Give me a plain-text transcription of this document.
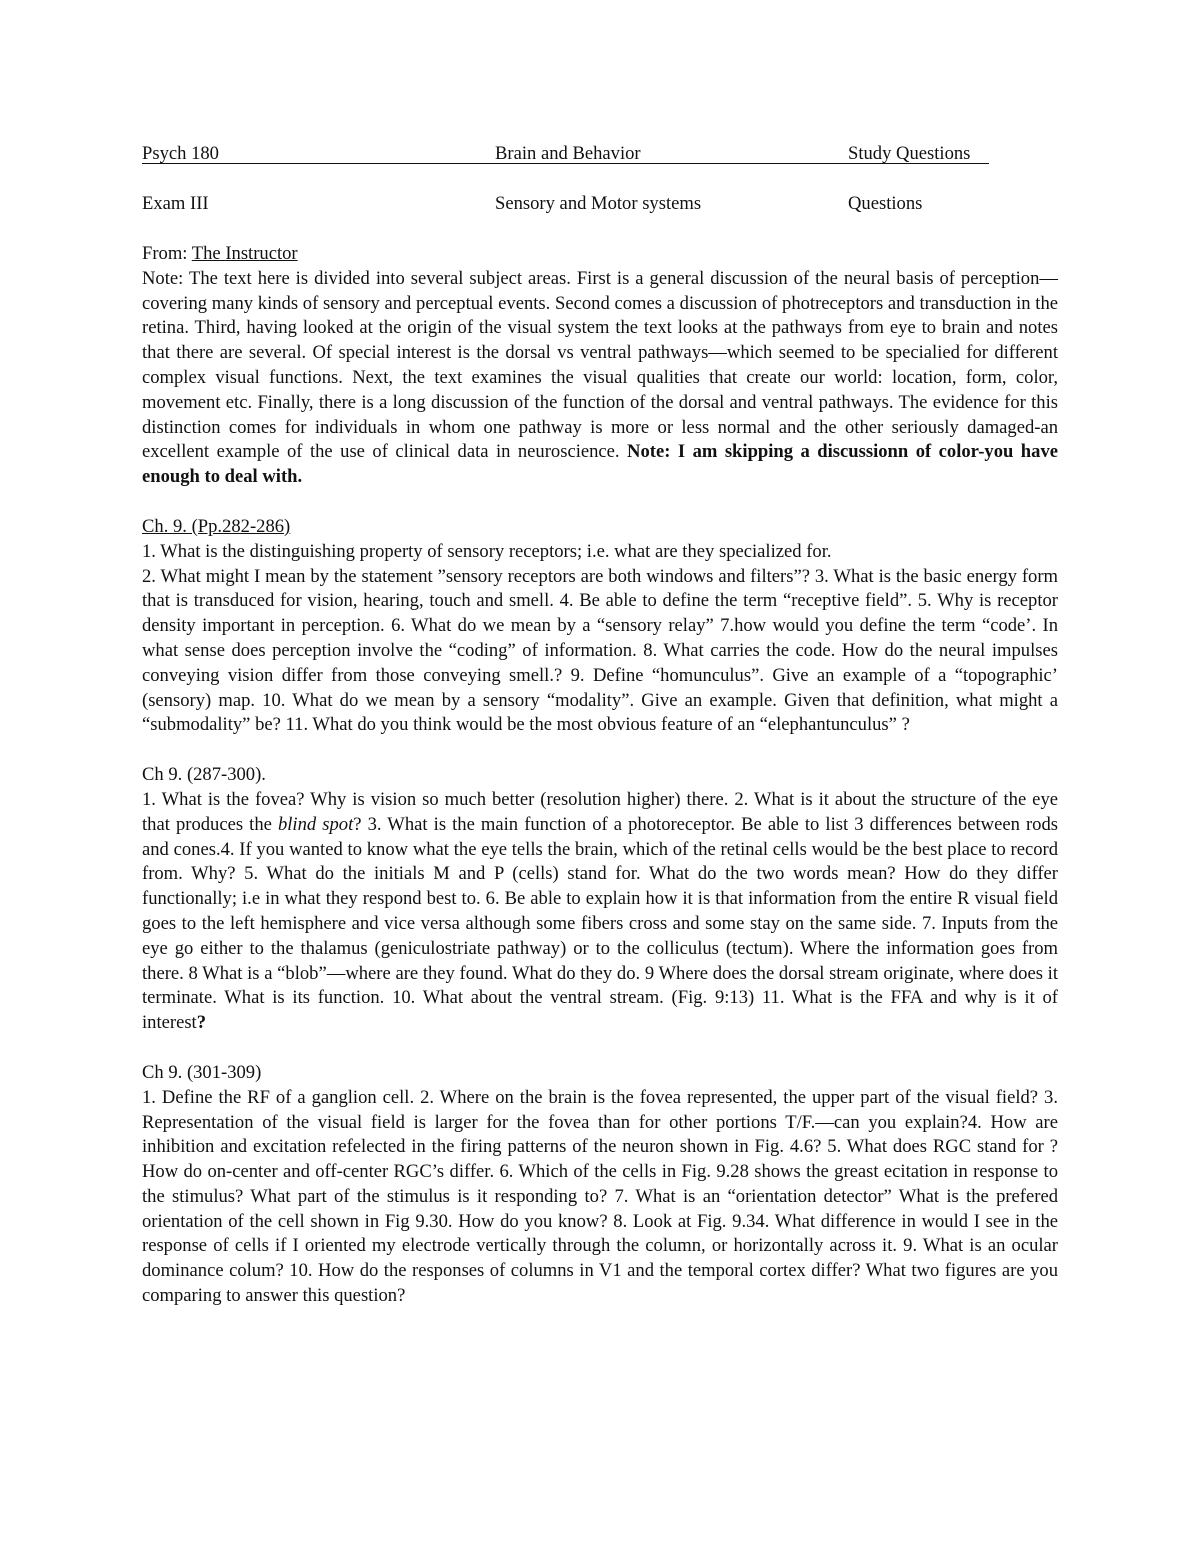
Psych 180	Brain and Behavior	Study Questions
Exam III	Sensory and Motor systems	Questions
From: The Instructor

Note: The text here is divided into several subject areas. First is a general discussion of the neural basis of perception—covering many kinds of sensory and perceptual events. Second comes a discussion of photreceptors and transduction in the retina. Third, having looked at the origin of the visual system the text looks at the pathways from eye to brain and notes that there are several. Of special interest is the dorsal vs ventral pathways—which seemed to be specialied for different complex visual functions. Next, the text examines the visual qualities that create our world: location, form, color, movement etc. Finally, there is a long discussion of the function of the dorsal and ventral pathways. The evidence for this distinction comes for individuals in whom one pathway is more or less normal and the other seriously damaged-an excellent example of the use of clinical data in neuroscience. Note: I am skipping a discussionn of color-you have enough to deal with.

Ch. 9. (Pp.282-286)

1. What is the distinguishing property of sensory receptors; i.e. what are they specialized for.

2. What might I mean by the statement ”sensory receptors are both windows and filters”? 3. What is the basic energy form that is transduced for vision, hearing, touch and smell. 4. Be able to define the term “receptive field”. 5. Why is receptor density important in perception. 6. What do we mean by a “sensory relay” 7.how would you define the term “code’. In what sense does perception involve the “coding” of information. 8. What carries the code. How do the neural impulses conveying vision differ from those conveying smell.? 9. Define “homunculus”. Give an example of a “topographic’ (sensory) map. 10. What do we mean by a sensory “modality”. Give an example. Given that definition, what might a “submodality” be? 11. What do you think would be the most obvious feature of an “elephantunculus” ?

Ch 9. (287-300).

1. What is the fovea? Why is vision so much better (resolution higher) there. 2. What is it about the structure of the eye that produces the blind spot? 3. What is the main function of a photoreceptor. Be able to list 3 differences between rods and cones.4. If you wanted to know what the eye tells the brain, which of the retinal cells would be the best place to record from. Why? 5. What do the initials M and P (cells) stand for. What do the two words mean? How do they differ functionally; i.e in what they respond best to. 6. Be able to explain how it is that information from the entire R visual field goes to the left hemisphere and vice versa although some fibers cross and some stay on the same side. 7. Inputs from the eye go either to the thalamus (geniculostriate pathway) or to the colliculus (tectum). Where the information goes from there. 8 What is a “blob”—where are they found. What do they do. 9 Where does the dorsal stream originate, where does it terminate. What is its function. 10. What about the ventral stream. (Fig. 9:13) 11. What is the FFA and why is it of interest?

Ch 9. (301-309)

1. Define the RF of a ganglion cell. 2. Where on the brain is the fovea represented, the upper part of the visual field? 3. Representation of the visual field is larger for the fovea than for other portions T/F.—can you explain?4. How are inhibition and excitation refelected in the firing patterns of the neuron shown in Fig. 4.6? 5. What does RGC stand for ? How do on-center and off-center RGC’s differ. 6. Which of the cells in Fig. 9.28 shows the greast ecitation in response to the stimulus? What part of the stimulus is it responding to? 7. What is an “orientation detector” What is the prefered orientation of the cell shown in Fig 9.30. How do you know? 8. Look at Fig. 9.34. What difference in would I see in the response of cells if I oriented my electrode vertically through the column, or horizontally across it. 9. What is an ocular dominance colum? 10. How do the responses of columns in V1 and the temporal cortex differ? What two figures are you comparing to answer this question?
